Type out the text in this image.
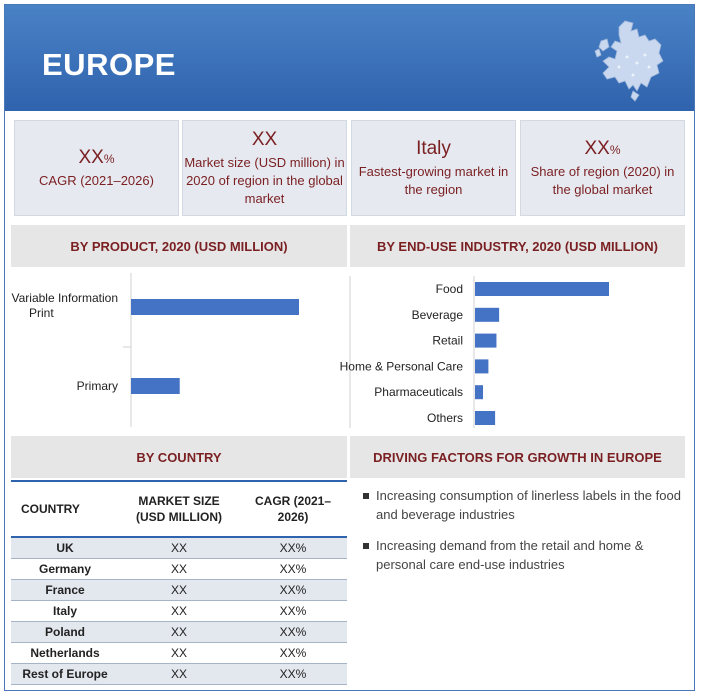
EUROPE
XX%
CAGR (2021–2026)
XX
Market size (USD million) in 2020 of region in the global market
Italy
Fastest-growing market in the region
XX%
Share of region (2020) in the global market
BY PRODUCT, 2020 (USD MILLION)	BY END-USE INDUSTRY, 2020 (USD MILLION)
BY COUNTRY	DRIVING FACTORS FOR GROWTH IN EUROPE
Variable Information Print
Primary
Food
Beverage
Retail
Home & Personal Care
Pharmaceuticals
Others
COUNTRY	MARKET SIZE (USD MILLION)	CAGR (2021–2026)
UK	XX	XX%
Germany	XX	XX%
France	XX	XX%
Italy	XX	XX%
Poland	XX	XX%
Netherlands	XX	XX%
Rest of Europe	XX	XX%
Increasing consumption of linerless labels in the food and beverage industries
Increasing demand from the retail and home & personal care end-use industries
